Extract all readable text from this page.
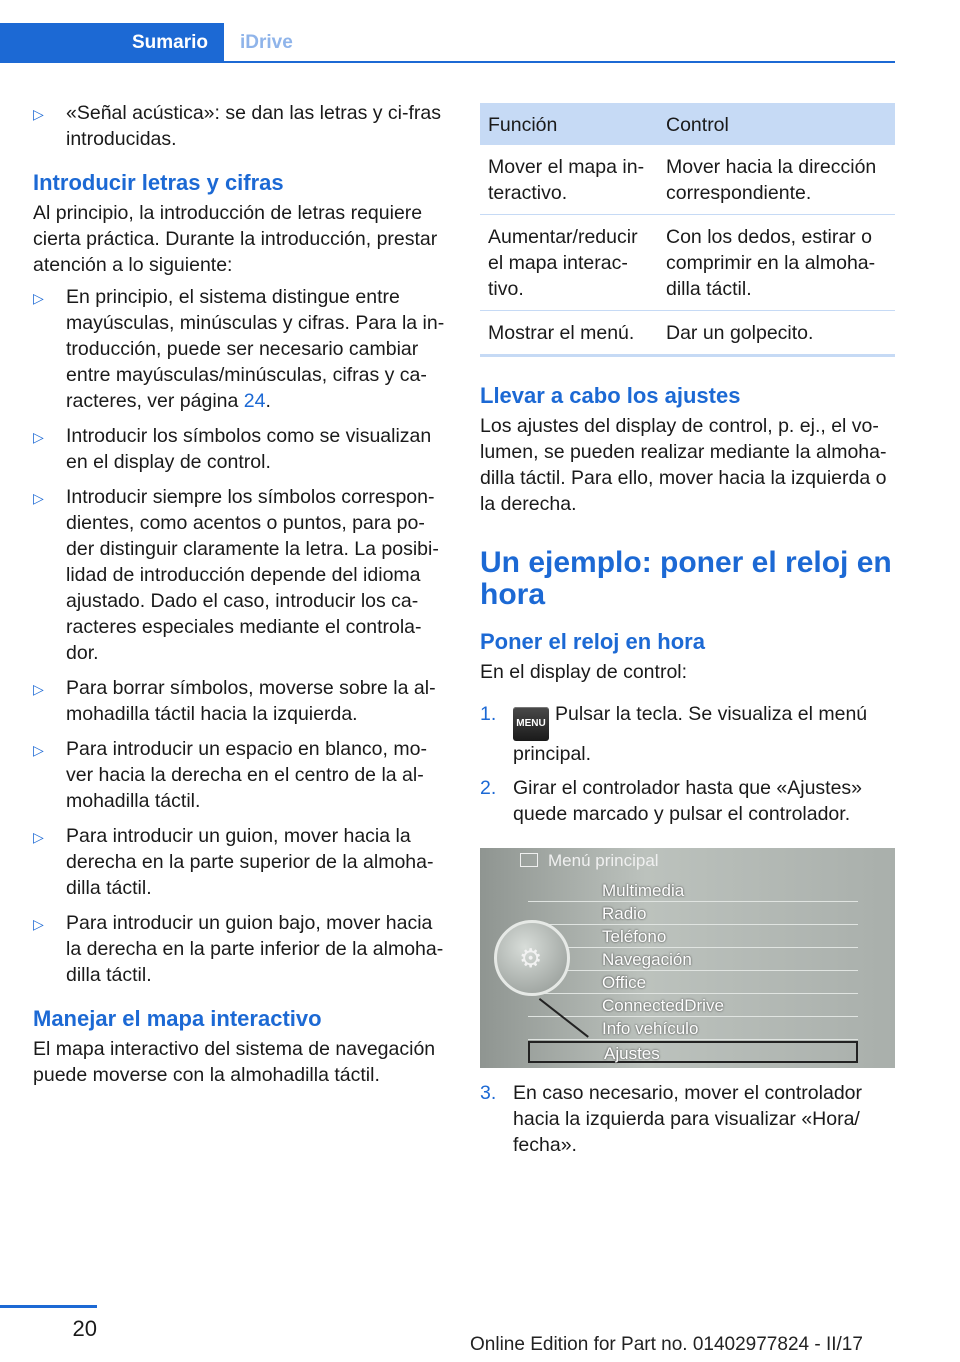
Sumario	iDrive
▷ «Señal acústica»: se dan las letras y ci‐fras introducidas.
Introducir letras y cifras

Al principio, la introducción de letras requiere cierta práctica. Durante la introducción, prestar atención a lo siguiente:

▷ En principio, el sistema distingue entre mayúsculas, minúsculas y cifras. Para la in‐troducción, puede ser necesario cambiar entre mayúsculas/minúsculas, cifras y ca‐racteres, ver página 24.
▷ Introducir los símbolos como se visualizan en el display de control.
▷ Introducir siempre los símbolos correspon‐dientes, como acentos o puntos, para po‐der distinguir claramente la letra. La posibi‐lidad de introducción depende del idioma ajustado. Dado el caso, introducir los ca‐racteres especiales mediante el controla‐dor.
▷ Para borrar símbolos, moverse sobre la al‐mohadilla táctil hacia la izquierda.
▷ Para introducir un espacio en blanco, mo‐ver hacia la derecha en el centro de la al‐mohadilla táctil.
▷ Para introducir un guion, mover hacia la derecha en la parte superior de la almoha‐dilla táctil.
▷ Para introducir un guion bajo, mover hacia la derecha en la parte inferior de la almoha‐dilla táctil.
Manejar el mapa interactivo

El mapa interactivo del sistema de navegación puede moverse con la almohadilla táctil.

Función	Control
Mover el mapa in‐teractivo.	Mover hacia la dirección correspondiente.
Aumentar/reducir el mapa interac‐tivo.	Con los dedos, estirar o comprimir en la almoha‐dilla táctil.
Mostrar el menú.	Dar un golpecito.
Llevar a cabo los ajustes

Los ajustes del display de control, p. ej., el vo‐lumen, se pueden realizar mediante la almoha‐dilla táctil. Para ello, mover hacia la izquierda o la derecha.

Un ejemplo: poner el reloj en hora
Poner el reloj en hora

En el display de control:

1. MENU Pulsar la tecla. Se visualiza el menú principal.
2. Girar el controlador hasta que «Ajustes» quede marcado y pulsar el controlador.
Menú principal
Multimedia
Radio
Teléfono
Navegación
Office
ConnectedDrive
Info vehículo
Ajustes
⚙
3. En caso necesario, mover el controlador hacia la izquierda para visualizar «Hora/ fecha».
20
Online Edition for Part no. 01402977824 - II/17
